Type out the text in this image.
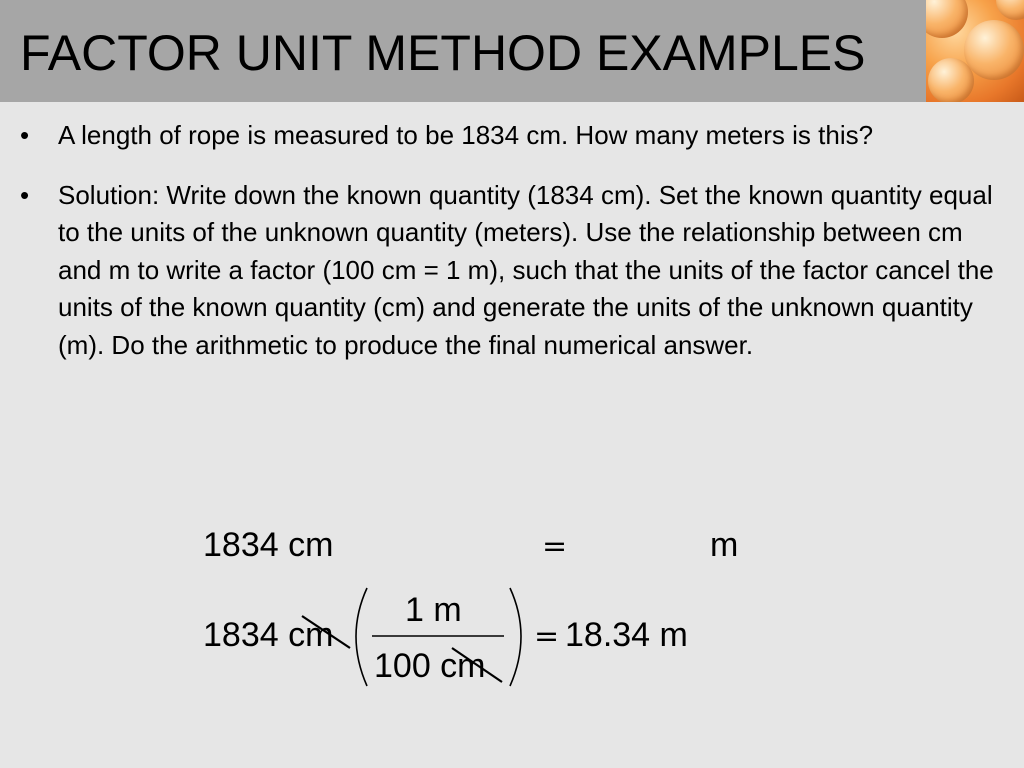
FACTOR UNIT METHOD EXAMPLES
• A length of rope is measured to be 1834 cm. How many meters is this?
• Solution: Write down the known quantity (1834 cm). Set the known quantity equal to the units of the unknown quantity (meters). Use the relationship between cm and m to write a factor (100 cm = 1 m), such that the units of the factor cancel the units of the known quantity (cm) and generate the units of the unknown quantity (m). Do the arithmetic to produce the final numerical answer.
1834 cm	=	m
1834 cm
1 m
100 cm
= 18.34 m
